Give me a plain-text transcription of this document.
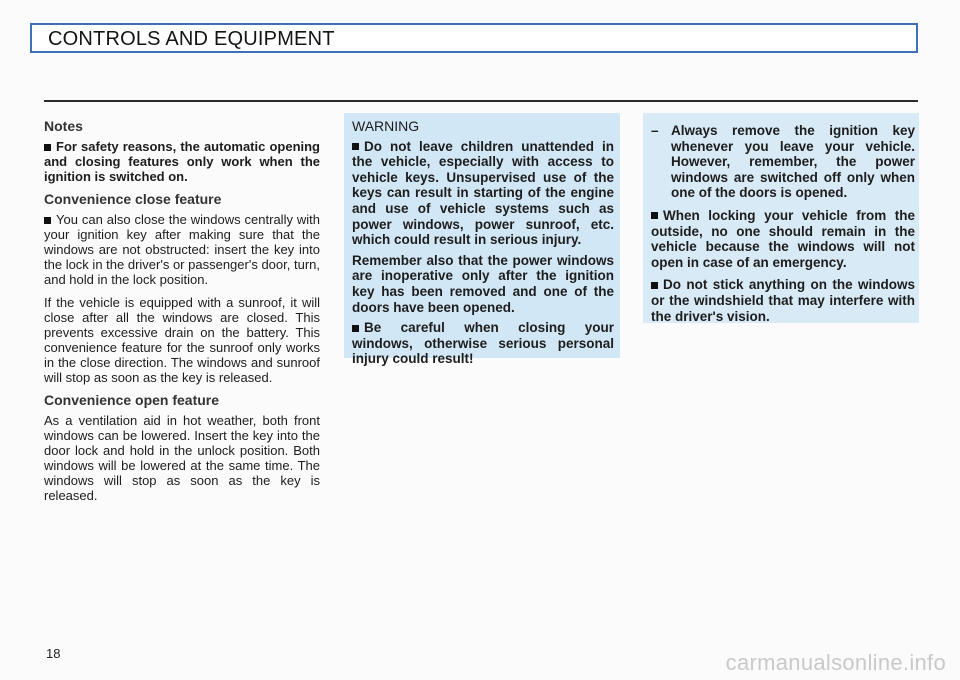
CONTROLS AND EQUIPMENT
Notes

For safety reasons, the automatic opening and closing features only work when the ignition is switched on.

Convenience close feature

You can also close the windows centrally with your ignition key after making sure that the windows are not obstructed: insert the key into the lock in the driver's or passenger's door, turn, and hold in the lock position.

If the vehicle is equipped with a sunroof, it will close after all the windows are closed. This prevents excessive drain on the battery. This convenience feature for the sunroof only works in the close direction. The windows and sunroof will stop as soon as the key is released.

Convenience open feature

As a ventilation aid in hot weather, both front windows can be lowered. Insert the key into the door lock and hold in the unlock position. Both windows will be lowered at the same time. The windows will stop as soon as the key is released.

WARNING

Do not leave children unattended in the vehicle, especially with access to vehicle keys. Unsupervised use of the keys can result in starting of the engine and use of vehicle systems such as power windows, power sunroof, etc. which could result in serious injury.

Remember also that the power windows are inoperative only after the ignition key has been removed and one of the doors have been opened.

Be careful when closing your windows, otherwise serious personal injury could result!

– Always remove the ignition key whenever you leave your vehicle. However, remember, the power windows are switched off only when one of the doors is opened.

When locking your vehicle from the outside, no one should remain in the vehicle because the windows will not open in case of an emergency.

Do not stick anything on the windows or the windshield that may interfere with the driver's vision.

18	carmanualsonline.info
